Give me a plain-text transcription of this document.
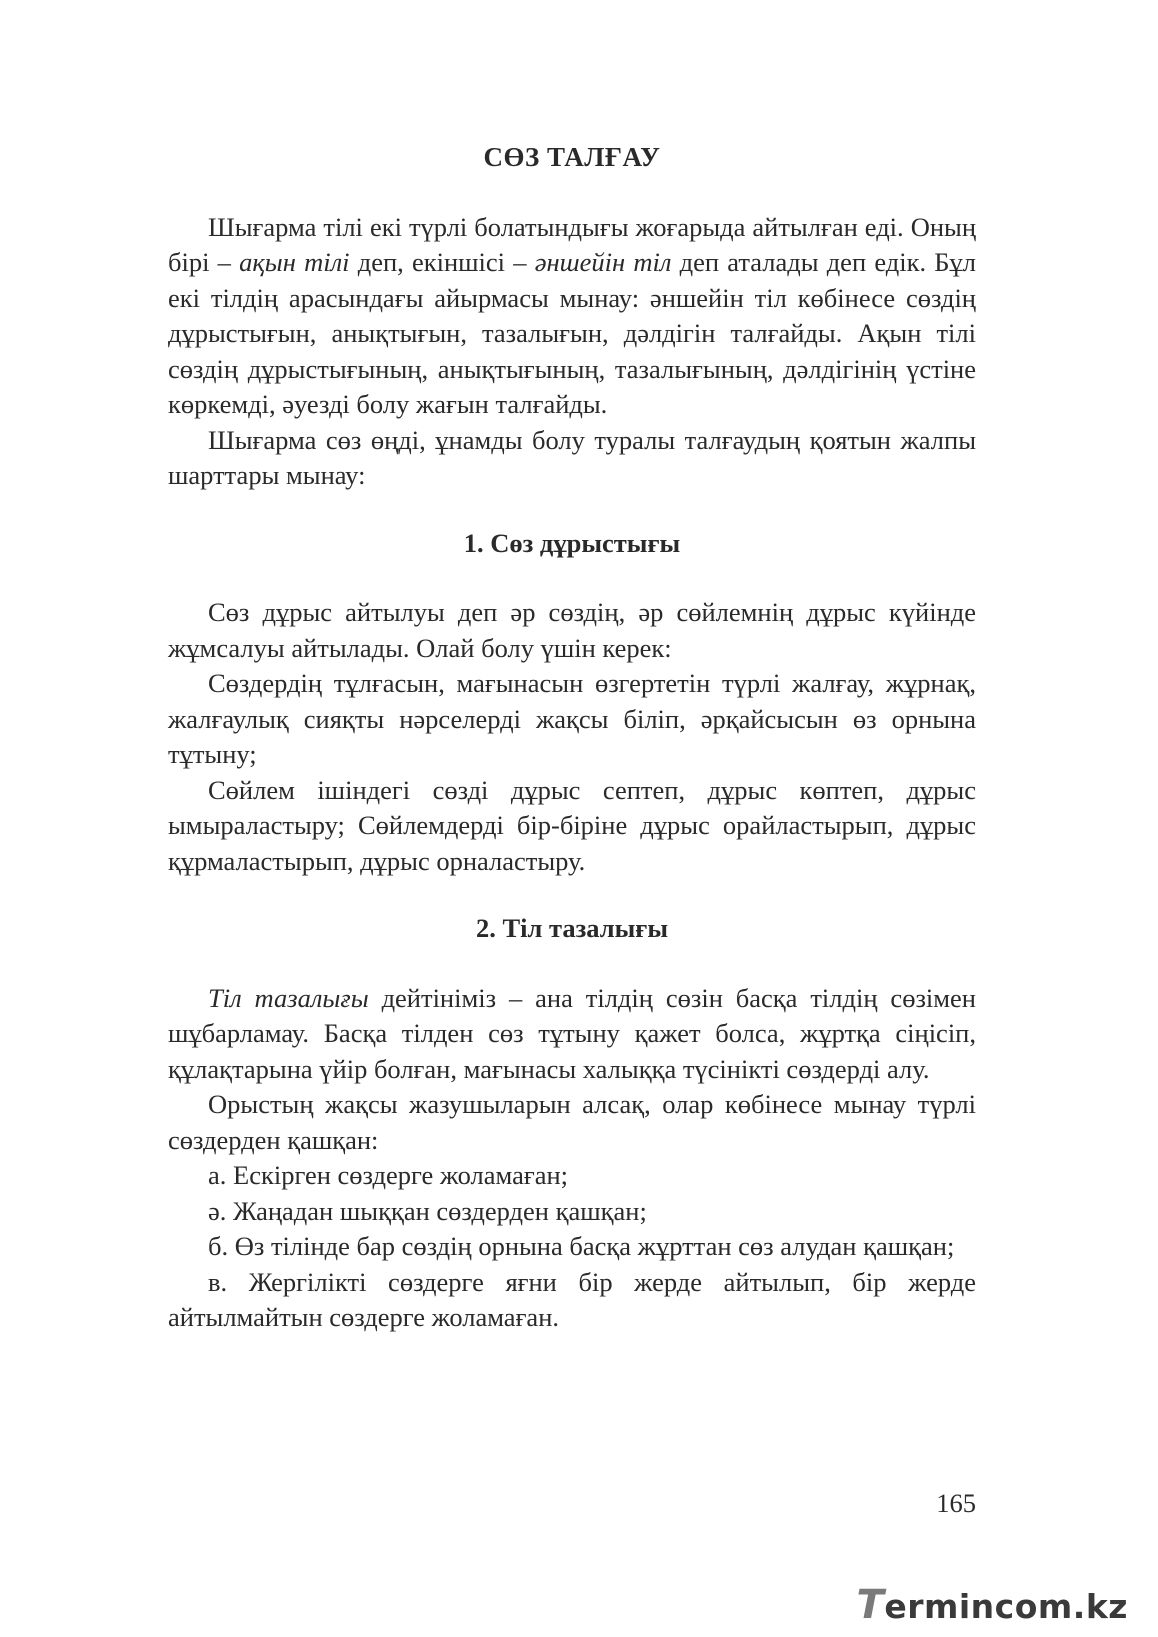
СӨЗ ТАЛҒАУ

Шығарма тілі екі түрлі болатындығы жоғарыда айтылған еді. Оның бірі – ақын тілі деп, екіншісі – әншейін тіл деп аталады деп едік. Бұл екі тілдің арасындағы айырмасы мынау: әншейін тіл көбінесе сөздің дұрыстығын, анықтығын, тазалығын, дәлдігін талғайды. Ақын тілі сөздің дұрыстығының, анықтығының, тазалығының, дәлдігінің үстіне көркемді, әуезді болу жағын талғайды.

Шығарма сөз өңді, ұнамды болу туралы талғаудың қоятын жалпы шарттары мынау:

1. Сөз дұрыстығы

Сөз дұрыс айтылуы деп әр сөздің, әр сөйлемнің дұрыс күйінде жұмсалуы айтылады. Олай болу үшін керек:

Сөздердің тұлғасын, мағынасын өзгертетін түрлі жалғау, жұрнақ, жалғаулық сияқты нәрселерді жақсы біліп, әрқайсысын өз орнына тұтыну;

Сөйлем ішіндегі сөзді дұрыс септеп, дұрыс көптеп, дұрыс ымыраластыру; Сөйлемдерді бір-біріне дұрыс орайластырып, дұрыс құрмаластырып, дұрыс орналастыру.

2. Тіл тазалығы

Тіл тазалығы дейтініміз – ана тілдің сөзін басқа тілдің сөзімен шұбарламау. Басқа тілден сөз тұтыну қажет болса, жұртқа сіңісіп, құлақтарына үйір болған, мағынасы халыққа түсінікті сөздерді алу.

Орыстың жақсы жазушыларын алсақ, олар көбінесе мынау түрлі сөздерден қашқан:

а. Ескірген сөздерге жоламаған;

ә. Жаңадан шыққан сөздерден қашқан;

б. Өз тілінде бар сөздің орнына басқа жұрттан сөз алудан қашқан;

в. Жергілікті сөздерге яғни бір жерде айтылып, бір жерде айтылмайтын сөздерге жоламаған.

165
Termincom.kz
